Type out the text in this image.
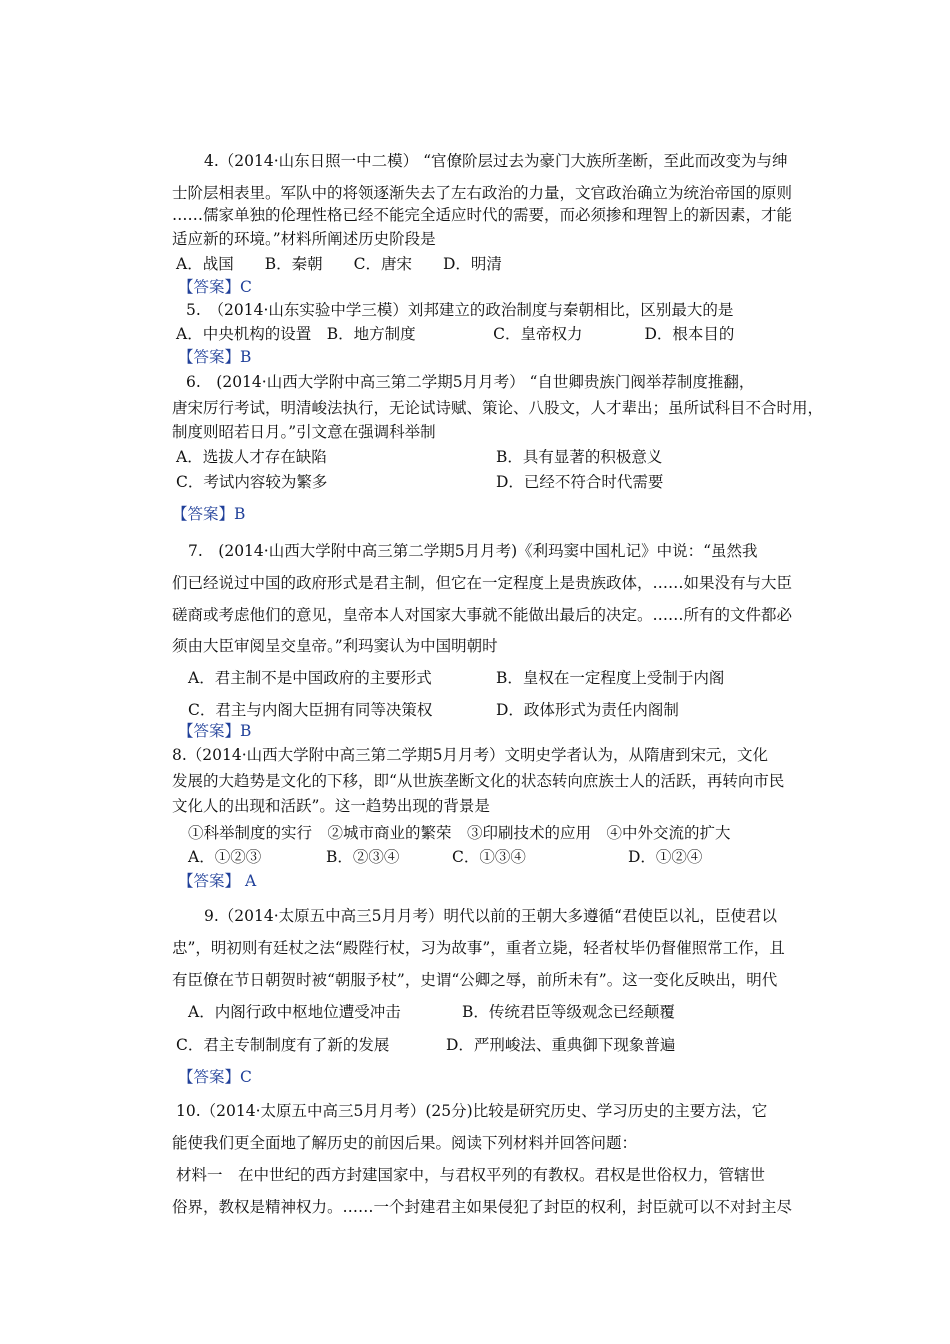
4.（2014·山东日照一中二模） “官僚阶层过去为豪门大族所垄断，至此而改变为与绅
士阶层相表里。军队中的将领逐渐失去了左右政治的力量，文官政治确立为统治帝国的原则
……儒家单独的伦理性格已经不能完全适应时代的需要，而必须掺和理智上的新因素，才能
适应新的环境。”材料所阐述历史阶段是
A．战国　　B．秦朝　　C．唐宋　　D．明清
【答案】C
5.　（2014·山东实验中学三模）刘邦建立的政治制度与秦朝相比，区别最大的是
A．中央机构的设置　B．地方制度　　　　　C．皇帝权力　　　　D．根本目的
【答案】B
6.　(2014·山西大学附中高三第二学期5月月考） “自世卿贵族门阀举荐制度推翻，
唐宋厉行考试，明清峻法执行，无论试诗赋、策论、八股文，人才辈出；虽所试科目不合时用，
制度则昭若日月。”引文意在强调科举制
A．选拔人才存在缺陷	B．具有显著的积极意义
C．考试内容较为繁多	D．已经不符合时代需要
【答案】B
7.　(2014·山西大学附中高三第二学期5月月考)《利玛窦中国札记》中说：“虽然我
们已经说过中国的政府形式是君主制，但它在一定程度上是贵族政体，……如果没有与大臣
磋商或考虑他们的意见，皇帝本人对国家大事就不能做出最后的决定。……所有的文件都必
须由大臣审阅呈交皇帝。”利玛窦认为中国明朝时
A．君主制不是中国政府的主要形式	B．皇权在一定程度上受制于内阁
C．君主与内阁大臣拥有同等决策权	D．政体形式为责任内阁制
【答案】B
8.（2014·山西大学附中高三第二学期5月月考）文明史学者认为，从隋唐到宋元，文化
发展的大趋势是文化的下移，即“从世族垄断文化的状态转向庶族士人的活跃，再转向市民
文化人的出现和活跃”。这一趋势出现的背景是
①科举制度的实行　②城市商业的繁荣　③印刷技术的应用　④中外交流的扩大
A．①②③	B．②③④	C．①③④	D．①②④
【答案】 A
9.（2014·太原五中高三5月月考）明代以前的王朝大多遵循“君使臣以礼，臣使君以
忠”，明初则有廷杖之法“殿陛行杖，习为故事”，重者立毙，轻者杖毕仍督催照常工作，且
有臣僚在节日朝贺时被“朝服予杖”，史谓“公卿之辱，前所未有”。这一变化反映出，明代
A．内阁行政中枢地位遭受冲击	B．传统君臣等级观念已经颠覆
C．君主专制制度有了新的发展	D．严刑峻法、重典御下现象普遍
【答案】C
10.（2014·太原五中高三5月月考）(25分)比较是研究历史、学习历史的主要方法，它
能使我们更全面地了解历史的前因后果。阅读下列材料并回答问题：
材料一　在中世纪的西方封建国家中，与君权平列的有教权。君权是世俗权力，管辖世
俗界，教权是精神权力。……一个封建君主如果侵犯了封臣的权利，封臣就可以不对封主尽
